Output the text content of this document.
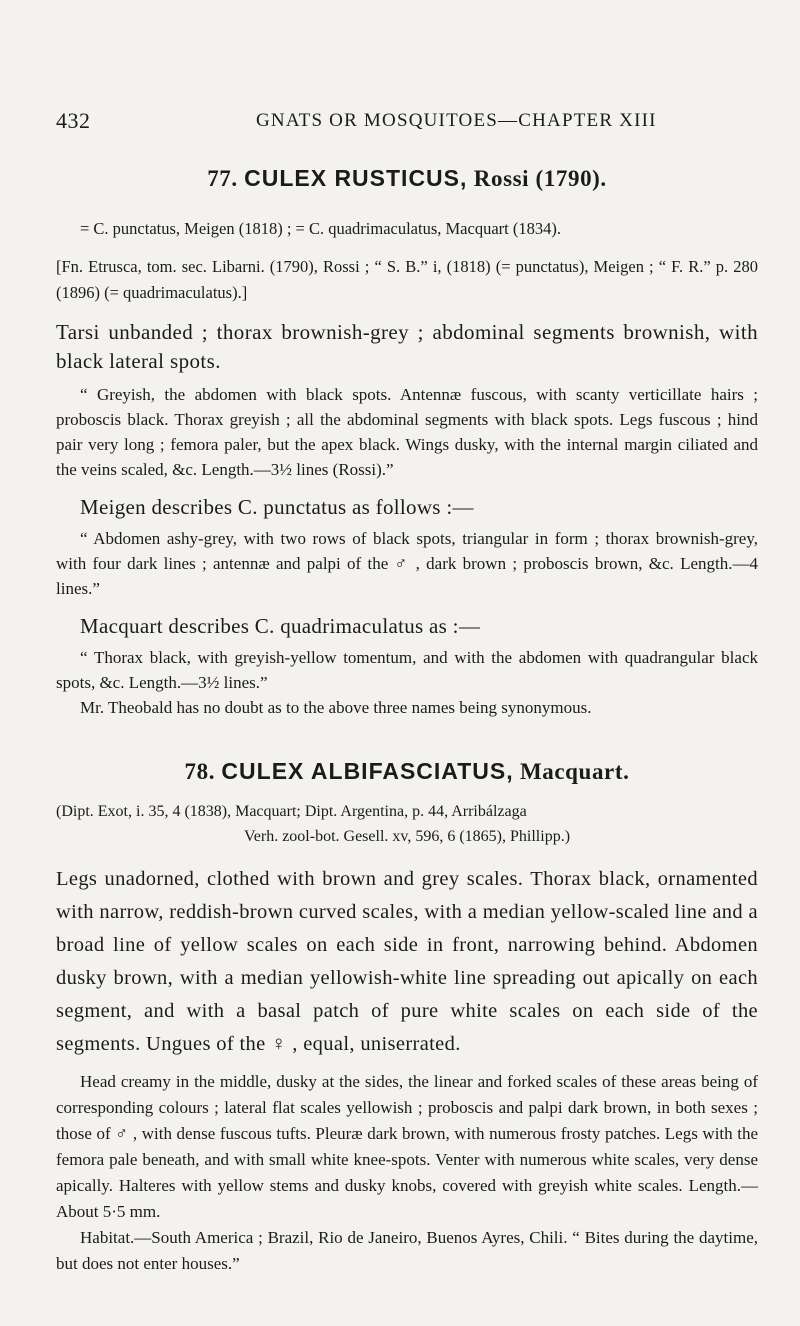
432	GNATS OR MOSQUITOES—CHAPTER XIII
77. CULEX RUSTICUS, Rossi (1790).

= C. punctatus, Meigen (1818) ; = C. quadrimaculatus, Macquart (1834).

[Fn. Etrusca, tom. sec. Libarni. (1790), Rossi ; “ S. B.” i, (1818) (= punctatus), Meigen ; “ F. R.” p. 280 (1896) (= quadrimaculatus).]

Tarsi unbanded ; thorax brownish-grey ; abdominal segments brownish, with black lateral spots.

“ Greyish, the abdomen with black spots. Antennæ fuscous, with scanty verticillate hairs ; proboscis black. Thorax greyish ; all the abdominal segments with black spots. Legs fuscous ; hind pair very long ; femora paler, but the apex black. Wings dusky, with the internal margin ciliated and the veins scaled, &c. Length.—3½ lines (Rossi).”

Meigen describes C. punctatus as follows :—

“ Abdomen ashy-grey, with two rows of black spots, triangular in form ; thorax brownish-grey, with four dark lines ; antennæ and palpi of the ♂ , dark brown ; proboscis brown, &c. Length.—4 lines.”

Macquart describes C. quadrimaculatus as :—

“ Thorax black, with greyish-yellow tomentum, and with the abdomen with quadrangular black spots, &c. Length.—3½ lines.”

Mr. Theobald has no doubt as to the above three names being synonymous.

78. CULEX ALBIFASCIATUS, Macquart.

(Dipt. Exot, i. 35, 4 (1838), Macquart; Dipt. Argentina, p. 44, Arribálzaga
Verh. zool-bot. Gesell. xv, 596, 6 (1865), Phillipp.)

Legs unadorned, clothed with brown and grey scales. Thorax black, ornamented with narrow, reddish-brown curved scales, with a median yellow-scaled line and a broad line of yellow scales on each side in front, narrowing behind. Abdomen dusky brown, with a median yellowish-white line spreading out apically on each segment, and with a basal patch of pure white scales on each side of the segments. Ungues of the ♀ , equal, uniserrated.

Head creamy in the middle, dusky at the sides, the linear and forked scales of these areas being of corresponding colours ; lateral flat scales yellowish ; proboscis and palpi dark brown, in both sexes ; those of ♂ , with dense fuscous tufts. Pleuræ dark brown, with numerous frosty patches. Legs with the femora pale beneath, and with small white knee-spots. Venter with numerous white scales, very dense apically. Halteres with yellow stems and dusky knobs, covered with greyish white scales. Length.—About 5·5 mm.

Habitat.—South America ; Brazil, Rio de Janeiro, Buenos Ayres, Chili. “ Bites during the daytime, but does not enter houses.”
